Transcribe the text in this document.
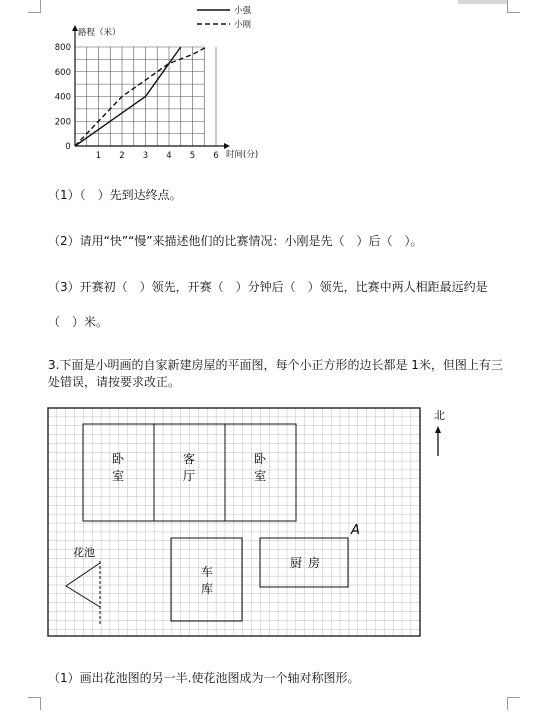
0
1 2 3 4 5 6
200
400
600
800
小强
小刚
路程（米）
时间(分)
（1）（　）先到达终点。
（2）请用“快”“慢”来描述他们的比赛情况：小刚是先（　）后（　）。
（3）开赛初（　）领先，开赛（　）分钟后（　）领先，比赛中两人相距最远约是
（　）米。
3.下面是小明画的自家新建房屋的平面图，每个小正方形的边长都是 1米，但图上有三处错误，请按要求改正。
卧
室
客
厅
卧
室
车
库
厨 房
A
花池
北
（1）画出花池图的另一半.使花池图成为一个轴对称图形。
